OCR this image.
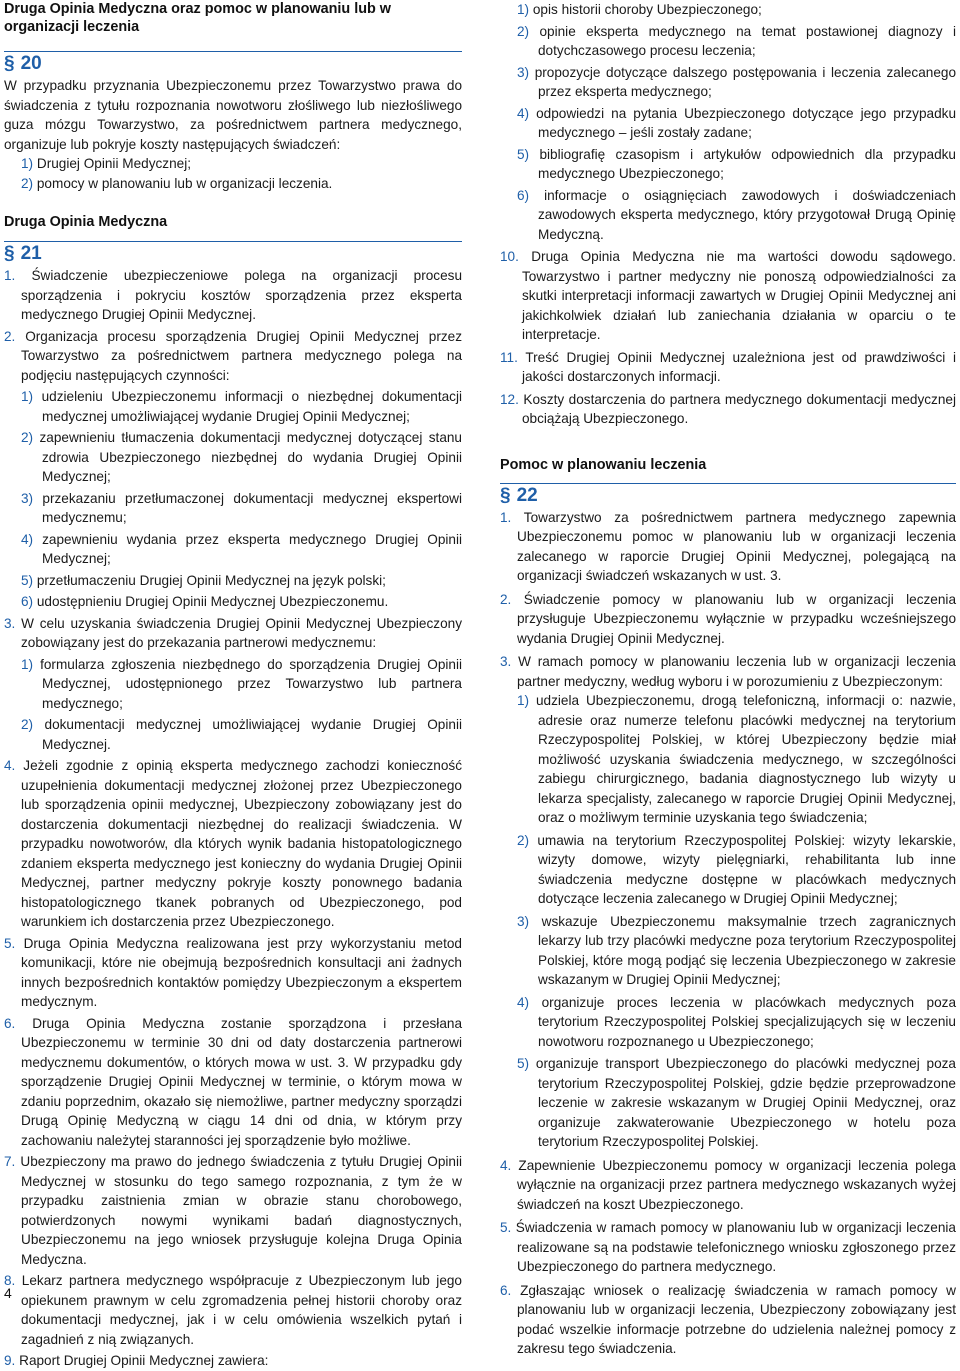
Druga Opinia Medyczna oraz pomoc w planowaniu lub w organizacji leczenia
§ 20

W przypadku przyznania Ubezpieczonemu przez Towarzystwo prawa do świadczenia z tytułu rozpoznania nowotworu złośliwego lub niezłośliwego guza mózgu Towarzystwo, za pośrednictwem partnera medycznego, organizuje lub pokryje koszty następujących świadczeń:

1) Drugiej Opinii Medycznej;

2) pomocy w planowaniu lub w organizacji leczenia.

Druga Opinia Medyczna
§ 21

1. Świadczenie ubezpieczeniowe polega na organizacji procesu sporządzenia i pokryciu kosztów sporządzenia przez eksperta medycznego Drugiej Opinii Medycznej.

2. Organizacja procesu sporządzenia Drugiej Opinii Medycznej przez Towarzystwo za pośrednictwem partnera medycznego polega na podjęciu następujących czynności:

1) udzieleniu Ubezpieczonemu informacji o niezbędnej dokumentacji medycznej umożliwiającej wydanie Drugiej Opinii Medycznej;

2) zapewnieniu tłumaczenia dokumentacji medycznej dotyczącej stanu zdrowia Ubezpieczonego niezbędnej do wydania Drugiej Opinii Medycznej;

3) przekazaniu przetłumaczonej dokumentacji medycznej ekspertowi medycznemu;

4) zapewnieniu wydania przez eksperta medycznego Drugiej Opinii Medycznej;

5) przetłumaczeniu Drugiej Opinii Medycznej na język polski;

6) udostępnieniu Drugiej Opinii Medycznej Ubezpieczonemu.

3. W celu uzyskania świadczenia Drugiej Opinii Medycznej Ubezpieczony zobowiązany jest do przekazania partnerowi medycznemu:

1) formularza zgłoszenia niezbędnego do sporządzenia Drugiej Opinii Medycznej, udostępnionego przez Towarzystwo lub partnera medycznego;

2) dokumentacji medycznej umożliwiającej wydanie Drugiej Opinii Medycznej.

4. Jeżeli zgodnie z opinią eksperta medycznego zachodzi konieczność uzupełnienia dokumentacji medycznej złożonej przez Ubezpieczonego lub sporządzenia opinii medycznej, Ubezpieczony zobowiązany jest do dostarczenia dokumentacji niezbędnej do realizacji świadczenia. W przypadku nowotworów, dla których wynik badania histopatologicznego zdaniem eksperta medycznego jest konieczny do wydania Drugiej Opinii Medycznej, partner medyczny pokryje koszty ponownego badania histopatologicznego tkanek pobranych od Ubezpieczonego, pod warunkiem ich dostarczenia przez Ubezpieczonego.

5. Druga Opinia Medyczna realizowana jest przy wykorzystaniu metod komunikacji, które nie obejmują bezpośrednich konsultacji ani żadnych innych bezpośrednich kontaktów pomiędzy Ubezpieczonym a ekspertem medycznym.

6. Druga Opinia Medyczna zostanie sporządzona i przesłana Ubezpieczonemu w terminie 30 dni od daty dostarczenia partnerowi medycznemu dokumentów, o których mowa w ust. 3. W przypadku gdy sporządzenie Drugiej Opinii Medycznej w terminie, o którym mowa w zdaniu poprzednim, okazało się niemożliwe, partner medyczny sporządzi Drugą Opinię Medyczną w ciągu 14 dni od dnia, w którym przy zachowaniu należytej staranności jej sporządzenie było możliwe.

7. Ubezpieczony ma prawo do jednego świadczenia z tytułu Drugiej Opinii Medycznej w stosunku do tego samego rozpoznania, z tym że w przypadku zaistnienia zmian w obrazie stanu chorobowego, potwierdzonych nowymi wynikami badań diagnostycznych, Ubezpieczonemu na jego wniosek przysługuje kolejna Druga Opinia Medyczna.

8. Lekarz partnera medycznego współpracuje z Ubezpieczonym lub jego opiekunem prawnym w celu zgromadzenia pełnej historii choroby oraz dokumentacji medycznej, jak i w celu omówienia wszelkich pytań i zagadnień z nią związanych.

9. Raport Drugiej Opinii Medycznej zawiera:

1) opis historii choroby Ubezpieczonego;

2) opinie eksperta medycznego na temat postawionej diagnozy i dotychczasowego procesu leczenia;

3) propozycje dotyczące dalszego postępowania i leczenia zalecanego przez eksperta medycznego;

4) odpowiedzi na pytania Ubezpieczonego dotyczące jego przypadku medycznego – jeśli zostały zadane;

5) bibliografię czasopism i artykułów odpowiednich dla przypadku medycznego Ubezpieczonego;

6) informacje o osiągnięciach zawodowych i doświadczeniach zawodowych eksperta medycznego, który przygotował Drugą Opinię Medyczną.

10. Druga Opinia Medyczna nie ma wartości dowodu sądowego. Towarzystwo i partner medyczny nie ponoszą odpowiedzialności za skutki interpretacji informacji zawartych w Drugiej Opinii Medycznej ani jakichkolwiek działań lub zaniechania działania w oparciu o te interpretacje.

11. Treść Drugiej Opinii Medycznej uzależniona jest od prawdziwości i jakości dostarczonych informacji.

12. Koszty dostarczenia do partnera medycznego dokumentacji medycznej obciążają Ubezpieczonego.

Pomoc w planowaniu leczenia
§ 22

1. Towarzystwo za pośrednictwem partnera medycznego zapewnia Ubezpieczonemu pomoc w planowaniu lub w organizacji leczenia zalecanego w raporcie Drugiej Opinii Medycznej, polegającą na organizacji świadczeń wskazanych w ust. 3.

2. Świadczenie pomocy w planowaniu lub w organizacji leczenia przysługuje Ubezpieczonemu wyłącznie w przypadku wcześniejszego wydania Drugiej Opinii Medycznej.

3. W ramach pomocy w planowaniu leczenia lub w organizacji leczenia partner medyczny, według wyboru i w porozumieniu z Ubezpieczonym:

1) udziela Ubezpieczonemu, drogą telefoniczną, informacji o: nazwie, adresie oraz numerze telefonu placówki medycznej na terytorium Rzeczypospolitej Polskiej, w której Ubezpieczony będzie miał możliwość uzyskania świadczenia medycznego, w szczególności zabiegu chirurgicznego, badania diagnostycznego lub wizyty u lekarza specjalisty, zalecanego w raporcie Drugiej Opinii Medycznej, oraz o możliwym terminie uzyskania tego świadczenia;

2) umawia na terytorium Rzeczypospolitej Polskiej: wizyty lekarskie, wizyty domowe, wizyty pielęgniarki, rehabilitanta lub inne świadczenia medyczne dostępne w placówkach medycznych dotyczące leczenia zalecanego w Drugiej Opinii Medycznej;

3) wskazuje Ubezpieczonemu maksymalnie trzech zagranicznych lekarzy lub trzy placówki medyczne poza terytorium Rzeczypospolitej Polskiej, które mogą podjąć się leczenia Ubezpieczonego w zakresie wskazanym w Drugiej Opinii Medycznej;

4) organizuje proces leczenia w placówkach medycznych poza terytorium Rzeczypospolitej Polskiej specjalizujących się w leczeniu nowotworu rozpoznanego u Ubezpieczonego;

5) organizuje transport Ubezpieczonego do placówki medycznej poza terytorium Rzeczypospolitej Polskiej, gdzie będzie przeprowadzone leczenie w zakresie wskazanym w Drugiej Opinii Medycznej, oraz organizuje zakwaterowanie Ubezpieczonego w hotelu poza terytorium Rzeczypospolitej Polskiej.

4. Zapewnienie Ubezpieczonemu pomocy w organizacji leczenia polega wyłącznie na organizacji przez partnera medycznego wskazanych wyżej świadczeń na koszt Ubezpieczonego.

5. Świadczenia w ramach pomocy w planowaniu lub w organizacji leczenia realizowane są na podstawie telefonicznego wniosku zgłoszonego przez Ubezpieczonego do partnera medycznego.

6. Zgłaszając wniosek o realizację świadczenia w ramach pomocy w planowaniu lub w organizacji leczenia, Ubezpieczony zobowiązany jest podać wszelkie informacje potrzebne do udzielenia należnej pomocy z zakresu tego świadczenia.

4
